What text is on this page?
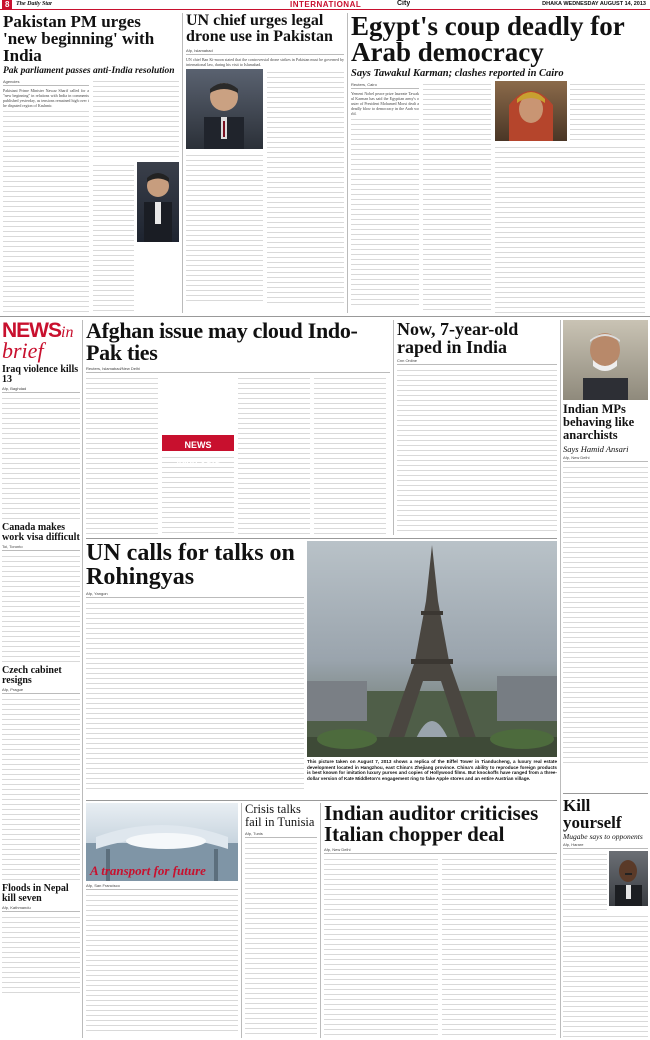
8	The Daily Star	INTERNATIONAL	City	DHAKA WEDNESDAY AUGUST 14, 2013
Pakistan PM urges 'new beginning' with India
Pak parliament passes anti-India resolution
Agencies
Pakistani Prime Minister Nawaz Sharif called for a "new beginning" in relations with India in comments published yesterday, as tensions remained high over the disputed region of Kashmir.
UN chief urges legal drone use in Pakistan
Afp, Islamabad
UN chief Ban Ki-moon stated that the controversial drone strikes in Pakistan must be governed by international law, during his visit to Islamabad.
Egypt's coup deadly for Arab democracy
Says Tawakul Karman; clashes reported in Cairo
Reuters, Cairo
Yemeni Nobel peace prize laureate Tawakul Karman has said the Egyptian army's ouster of President Mohamed Morsi dealt a deadly blow to democracy in the Arab world.
NEWSin
brief
Iraq violence kills 13
Afp, Baghdad
Canada makes work visa difficult
Toi, Toronto
Czech cabinet resigns
Afp, Prague
Floods in Nepal kill seven
Afp, Kathmandu
Afghan issue may cloud Indo-Pak ties
Reuters, Islamabad/New Delhi
NEWS ANALYSIS
Now, 7-year-old raped in India
Cnn Online
Indian MPs behaving like anarchists
Says Hamid Ansari
Afp, New Delhi
UN calls for talks on Rohingyas
Afp, Yangon
This picture taken on August 7, 2013 shows a replica of the Eiffel Tower in Tianducheng, a luxury real estate development located in Hangzhou, east China's Zhejiang province. China's ability to reproduce foreign products is best known for imitation luxury purses and copies of Hollywood films. But knockoffs have ranged from a three-dollar version of Kate Middleton's engagement ring to fake Apple stores and an entire Austrian village.
A transport for future
Afp, San Francisco
Crisis talks fail in Tunisia
Afp, Tunis
Indian auditor criticises Italian chopper deal
Afp, New Delhi
Kill yourself
Mugabe says to opponents
Afp, Harare
